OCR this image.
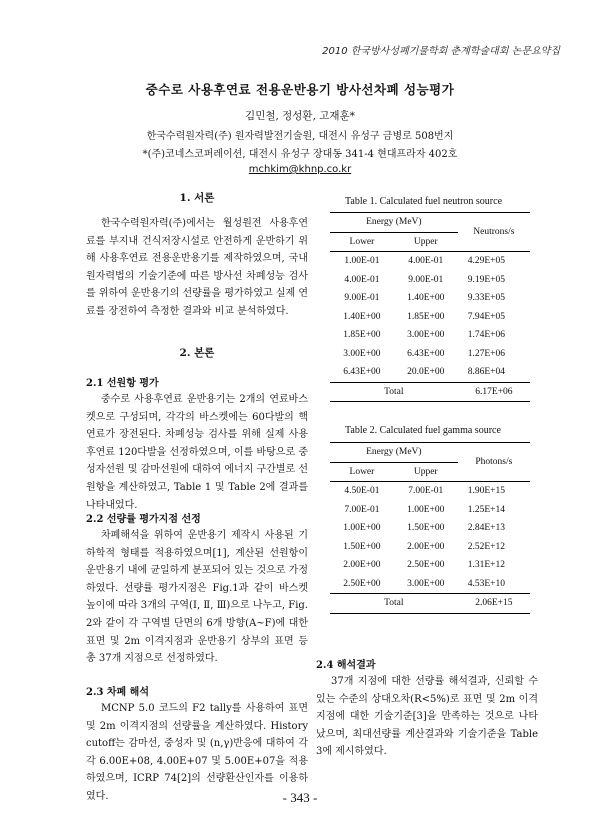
2010 한국방사성폐기물학회 춘계학술대회 논문요약집
중수로 사용후연료 전용운반용기 방사선차폐 성능평가
김민철, 정성환, 고재훈*
한국수력원자력(주) 원자력발전기술원, 대전시 유성구 금병로 508번지
*(주)코네스코퍼레이션, 대전시 유성구 장대동 341-4 현대프라자 402호
mchkim@khnp.co.kr
1. 서론

한국수력원자력(주)에서는 월성원전 사용후연료를 부지내 건식저장시설로 안전하게 운반하기 위해 사용후연료 전용운반용기를 제작하였으며, 국내 원자력법의 기술기준에 따른 방사선 차폐성능 검사를 위하여 운반용기의 선량률을 평가하였고 실제 연료를 장전하여 측정한 결과와 비교 분석하였다.

2. 본론
2.1 선원항 평가

중수로 사용후연료 운반용기는 2개의 연료바스켓으로 구성되며, 각각의 바스켓에는 60다발의 핵연료가 장전된다. 차폐성능 검사를 위해 실제 사용후연료 120다발을 선정하였으며, 이를 바탕으로 중성자선원 및 감마선원에 대하여 에너지 구간별로 선원항을 계산하였고, Table 1 및 Table 2에 결과를 나타내었다.

2.2 선량률 평가지점 선정

차폐해석을 위하여 운반용기 제작시 사용된 기하학적 형태를 적용하였으며[1], 계산된 선원항이 운반용기 내에 균일하게 분포되어 있는 것으로 가정하였다. 선량률 평가지점은 Fig.1과 같이 바스켓 높이에 따라 3개의 구역(Ⅰ, Ⅱ, Ⅲ)으로 나누고, Fig. 2와 같이 각 구역별 단면의 6개 방향(A~F)에 대한 표면 및 2m 이격지점과 운반용기 상부의 표면 등 총 37개 지점으로 선정하였다.

2.3 차폐 해석

MCNP 5.0 코드의 F2 tally를 사용하여 표면 및 2m 이격지점의 선량률을 계산하였다. History cutoff는 감마선, 중성자 및 (n,γ)반응에 대하여 각각 6.00E+08, 4.00E+07 및 5.00E+07을 적용하였으며, ICRP 74[2]의 선량환산인자를 이용하였다.

Table 1. Calculated fuel neutron source
Energy (MeV)		Neutrons/s
Lower	Upper	
1.00E-01	4.00E-01	4.29E+05
4.00E-01	9.00E-01	9.19E+05
9.00E-01	1.40E+00	9.33E+05
1.40E+00	1.85E+00	7.94E+05
1.85E+00	3.00E+00	1.74E+06
3.00E+00	6.43E+00	1.27E+06
6.43E+00	20.0E+00	8.86E+04
Total		6.17E+06
Table 2. Calculated fuel gamma source
Energy (MeV)		Photons/s
Lower	Upper	
4.50E-01	7.00E-01	1.90E+15
7.00E-01	1.00E+00	1.25E+14
1.00E+00	1.50E+00	2.84E+13
1.50E+00	2.00E+00	2.52E+12
2.00E+00	2.50E+00	1.31E+12
2.50E+00	3.00E+00	4.53E+10
Total		2.06E+15
2.4 해석결과

37개 지점에 대한 선량률 해석결과, 신뢰할 수 있는 수준의 상대오차(R<5%)로 표면 및 2m 이격지점에 대한 기술기준[3]을 만족하는 것으로 나타났으며, 최대선량률 계산결과와 기술기준을 Table 3에 제시하였다.

- 343 -
